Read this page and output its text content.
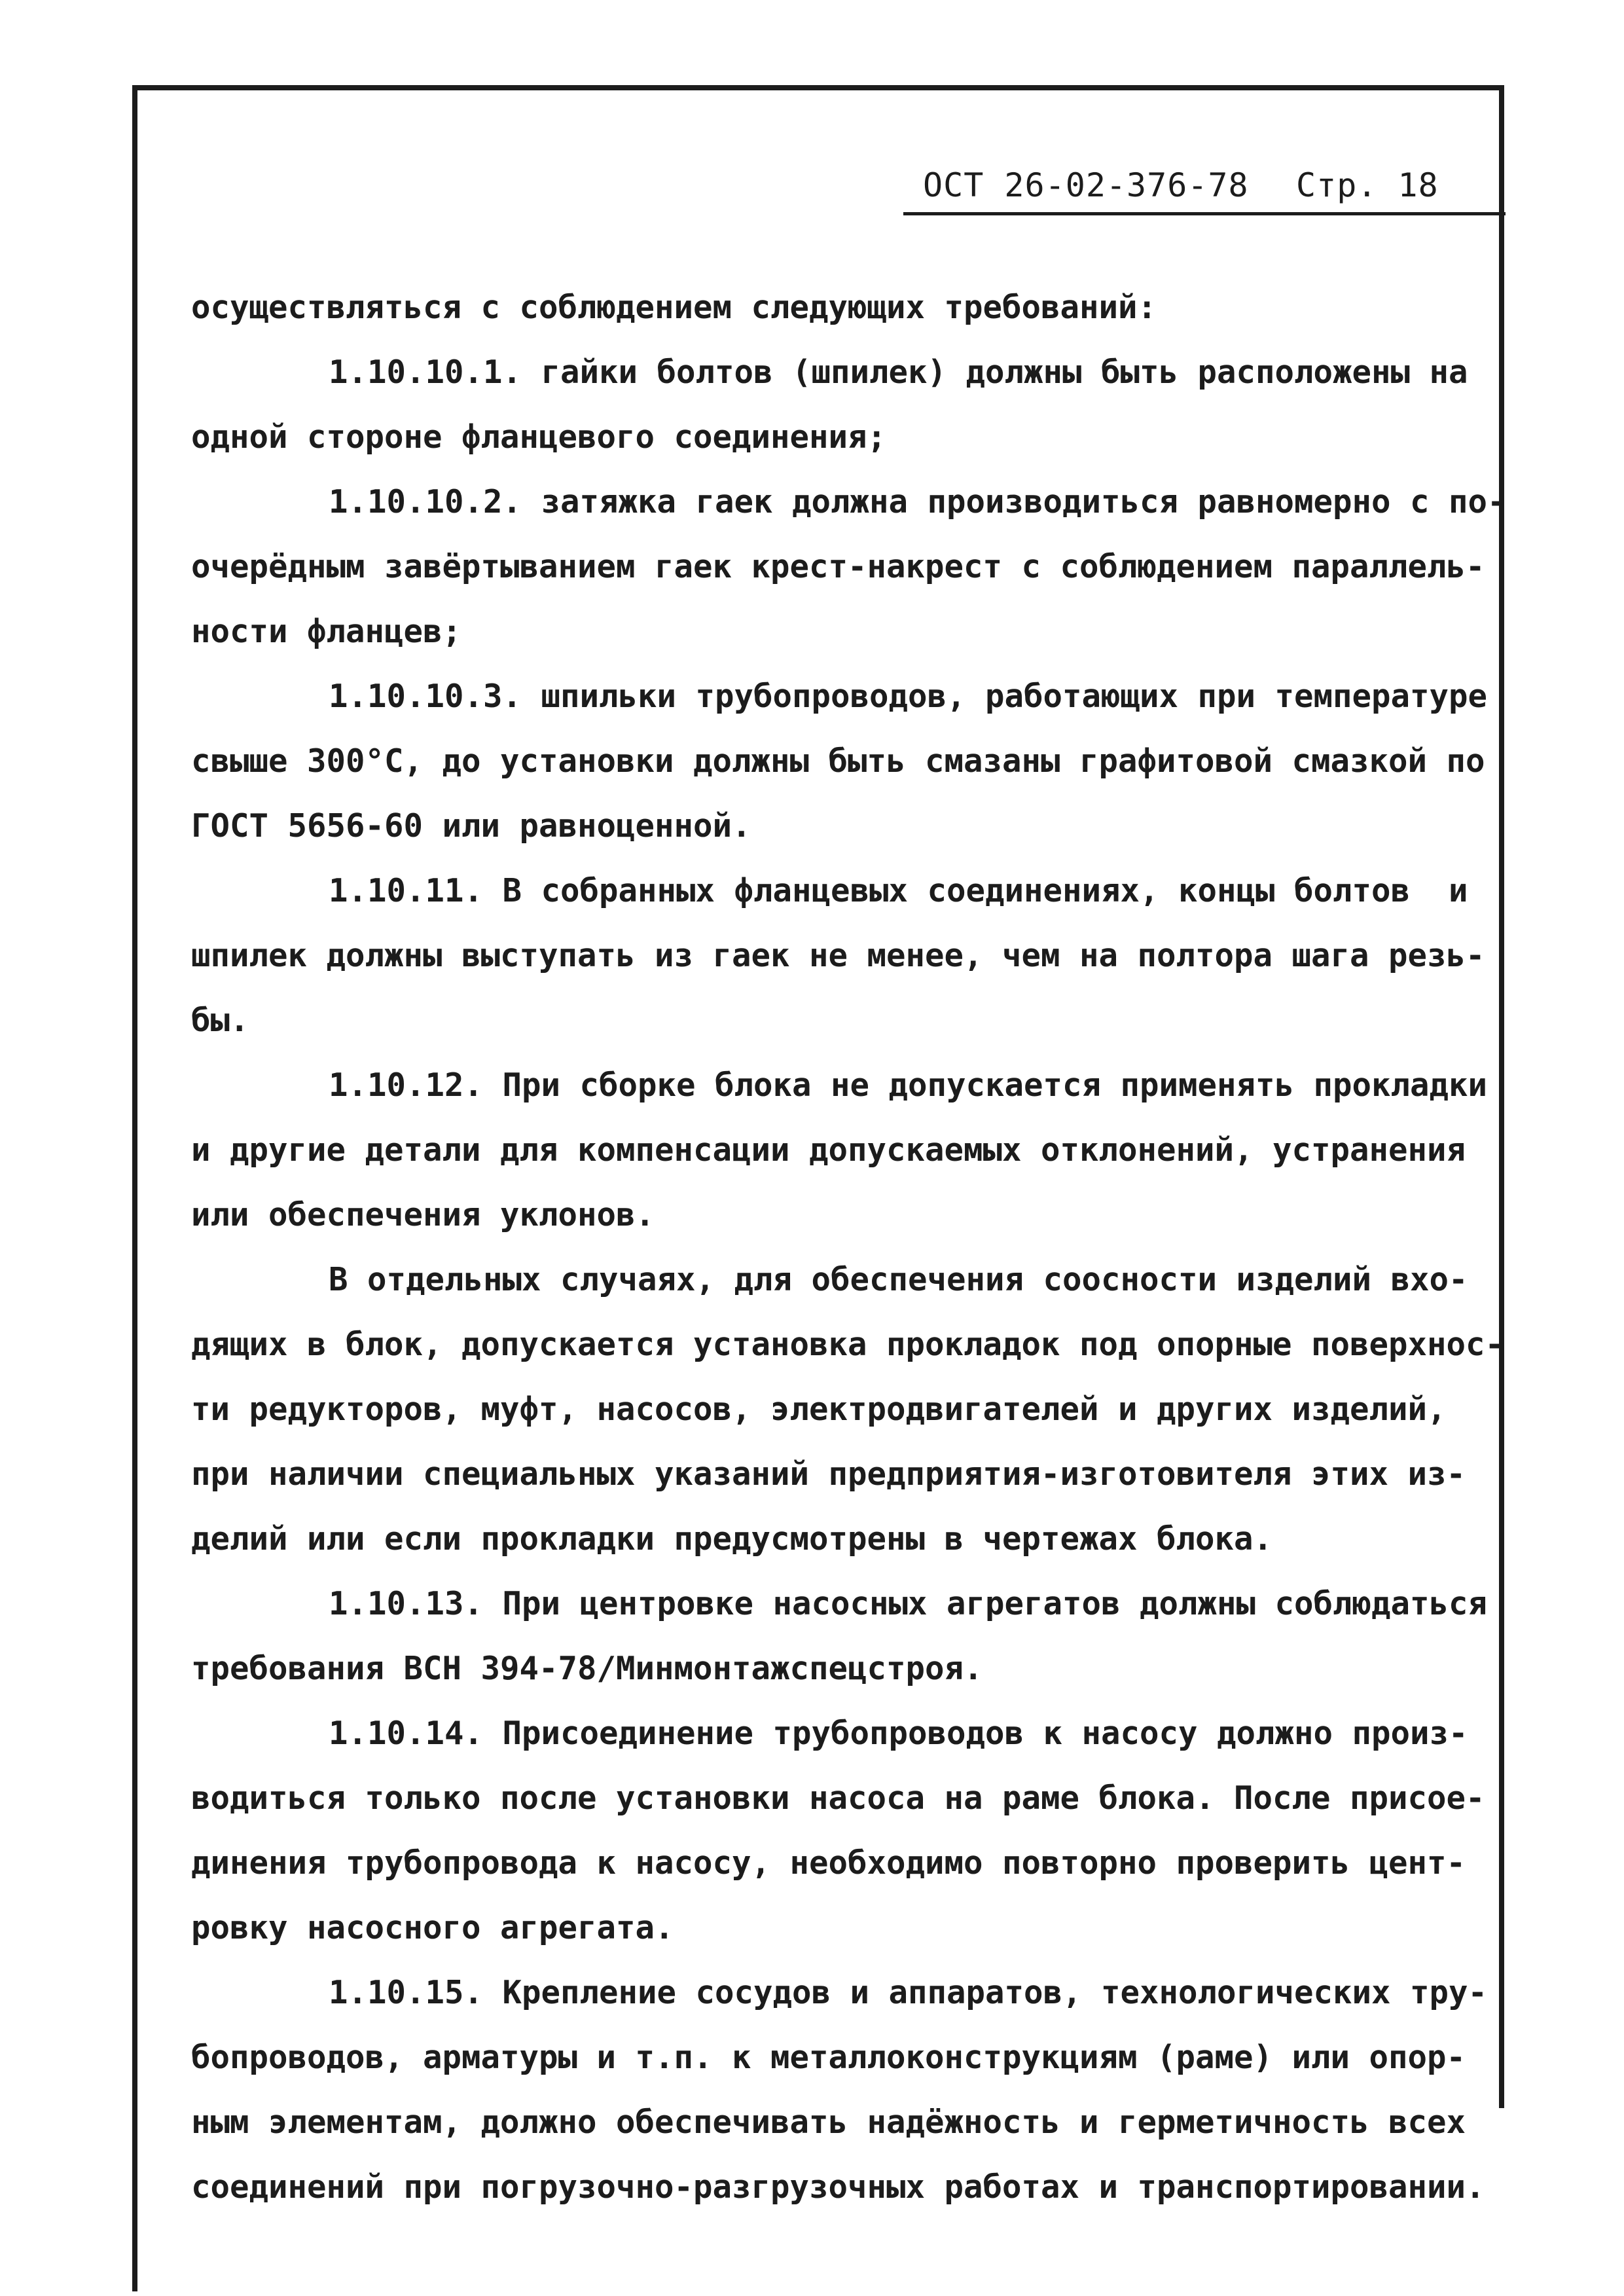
ОСТ 26-02-376-78

Стр. 18

осуществляться с соблюдением следующих требований:
1.10.10.1. гайки болтов (шпилек) должны быть расположены на
одной стороне фланцевого соединения;
1.10.10.2. затяжка гаек должна производиться равномерно с по-
очерёдным завёртыванием гаек крест-накрест с соблюдением параллель-
ности фланцев;
1.10.10.3. шпильки трубопроводов, работающих при температуре
свыше 300°С, до установки должны быть смазаны графитовой смазкой по
ГОСТ 5656-60 или равноценной.
1.10.11. В собранных фланцевых соединениях, концы болтов  и
шпилек должны выступать из гаек не менее, чем на полтора шага резь-
бы.
1.10.12. При сборке блока не допускается применять прокладки
и другие детали для компенсации допускаемых отклонений, устранения
или обеспечения уклонов.
В отдельных случаях, для обеспечения соосности изделий вхо-
дящих в блок, допускается установка прокладок под опорные поверхнос-
ти редукторов, муфт, насосов, электродвигателей и других изделий,
при наличии специальных указаний предприятия-изготовителя этих из-
делий или если прокладки предусмотрены в чертежах блока.
1.10.13. При центровке насосных агрегатов должны соблюдаться
требования ВСН 394-78/Минмонтажспецстроя.
1.10.14. Присоединение трубопроводов к насосу должно произ-
водиться только после установки насоса на раме блока. После присое-
динения трубопровода к насосу, необходимо повторно проверить цент-
ровку насосного агрегата.
1.10.15. Крепление сосудов и аппаратов, технологических тру-
бопроводов, арматуры и т.п. к металлоконструкциям (раме) или опор-
ным элементам, должно обеспечивать надёжность и герметичность всех
соединений при погрузочно-разгрузочных работах и транспортировании.
